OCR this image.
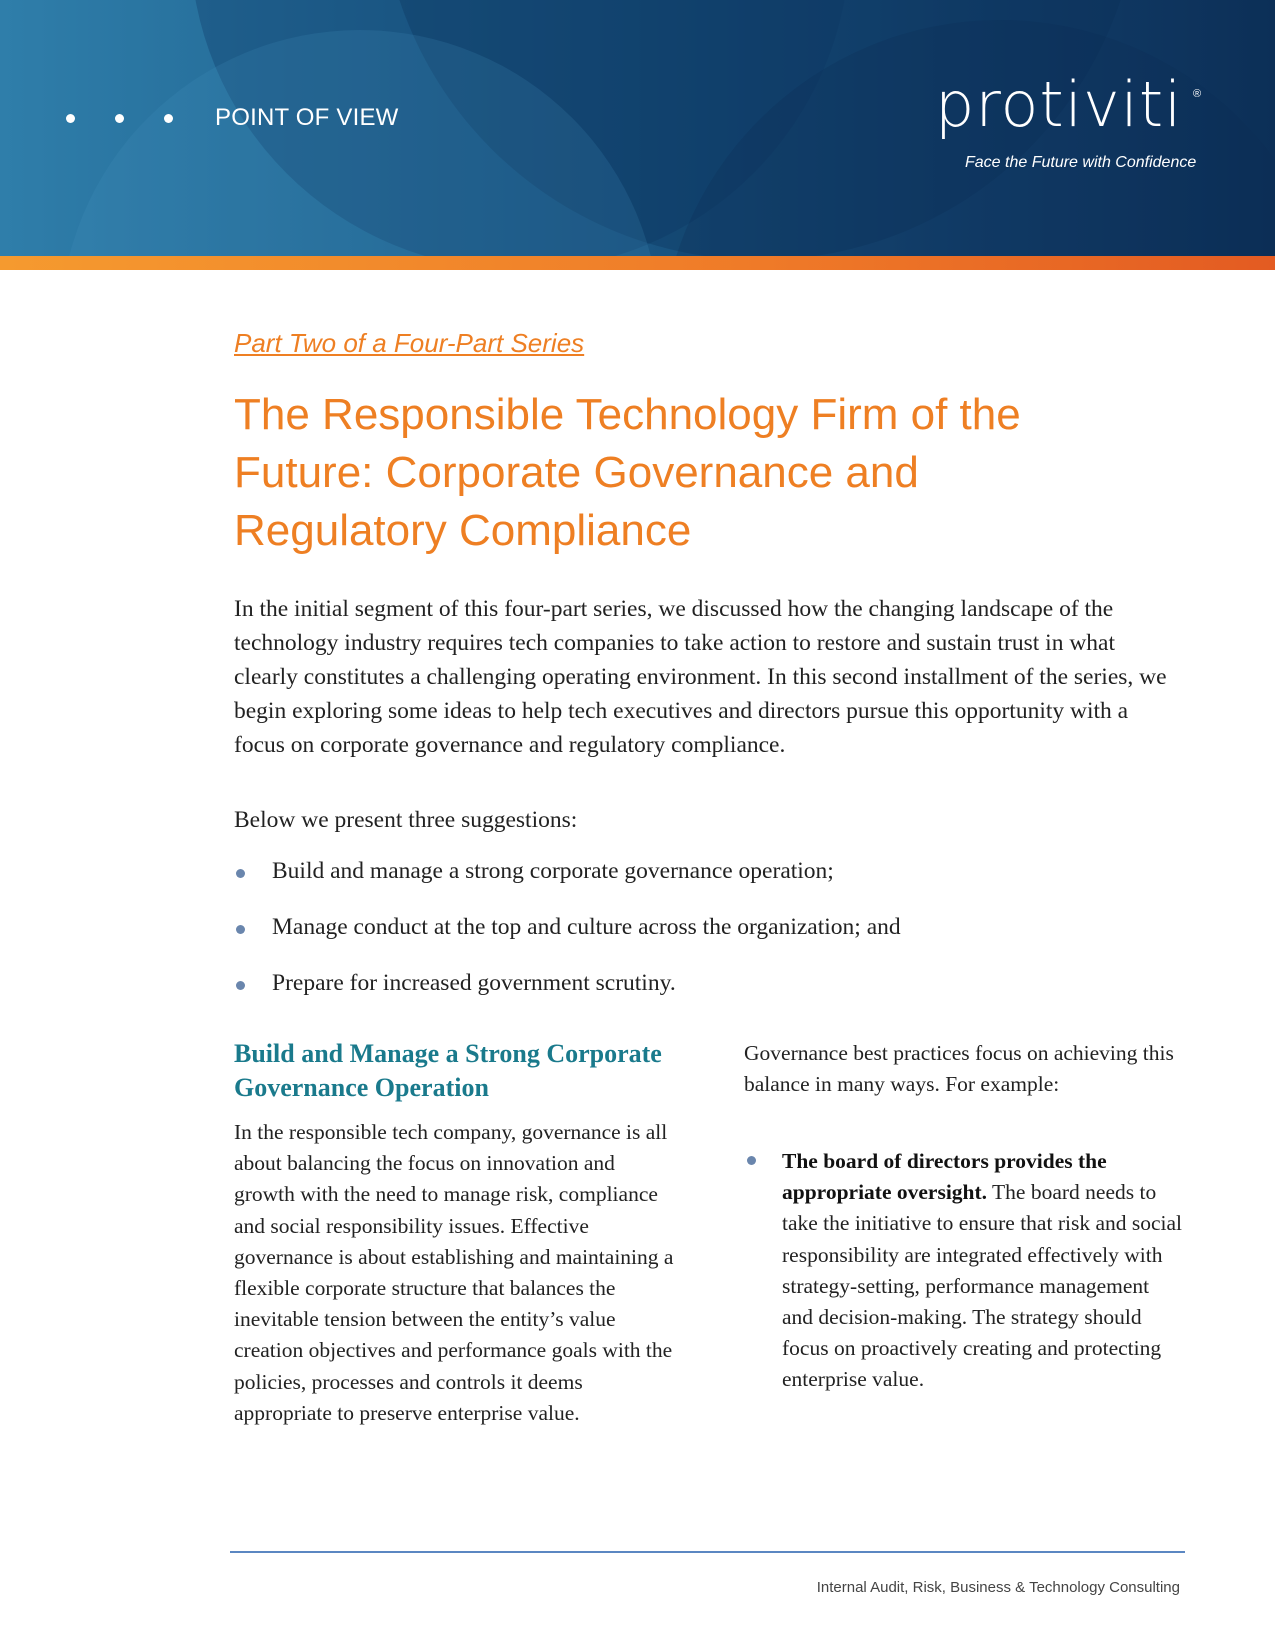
POINT OF VIEW	protiviti ®
Face the Future with Confidence
Part Two of a Four-Part Series
The Responsible Technology Firm of the Future: Corporate Governance and Regulatory Compliance

In the initial segment of this four-part series, we discussed how the changing landscape of the technology industry requires tech companies to take action to restore and sustain trust in what clearly constitutes a challenging operating environment. In this second installment of the series, we begin exploring some ideas to help tech executives and directors pursue this opportunity with a focus on corporate governance and regulatory compliance.

Below we present three suggestions:

Build and manage a strong corporate governance operation;
Manage conduct at the top and culture across the organization; and
Prepare for increased government scrutiny.
Build and Manage a Strong Corporate Governance Operation

In the responsible tech company, governance is all about balancing the focus on innovation and growth with the need to manage risk, compliance and social responsibility issues. Effective governance is about establishing and maintaining a flexible corporate structure that balances the inevitable tension between the entity’s value creation objectives and performance goals with the policies, processes and controls it deems appropriate to preserve enterprise value.

Governance best practices focus on achieving this balance in many ways. For example:

The board of directors provides the appropriate oversight. The board needs to take the initiative to ensure that risk and social responsibility are integrated effectively with strategy-setting, performance management and decision-making. The strategy should focus on proactively creating and protecting enterprise value.

Internal Audit, Risk, Business & Technology Consulting
